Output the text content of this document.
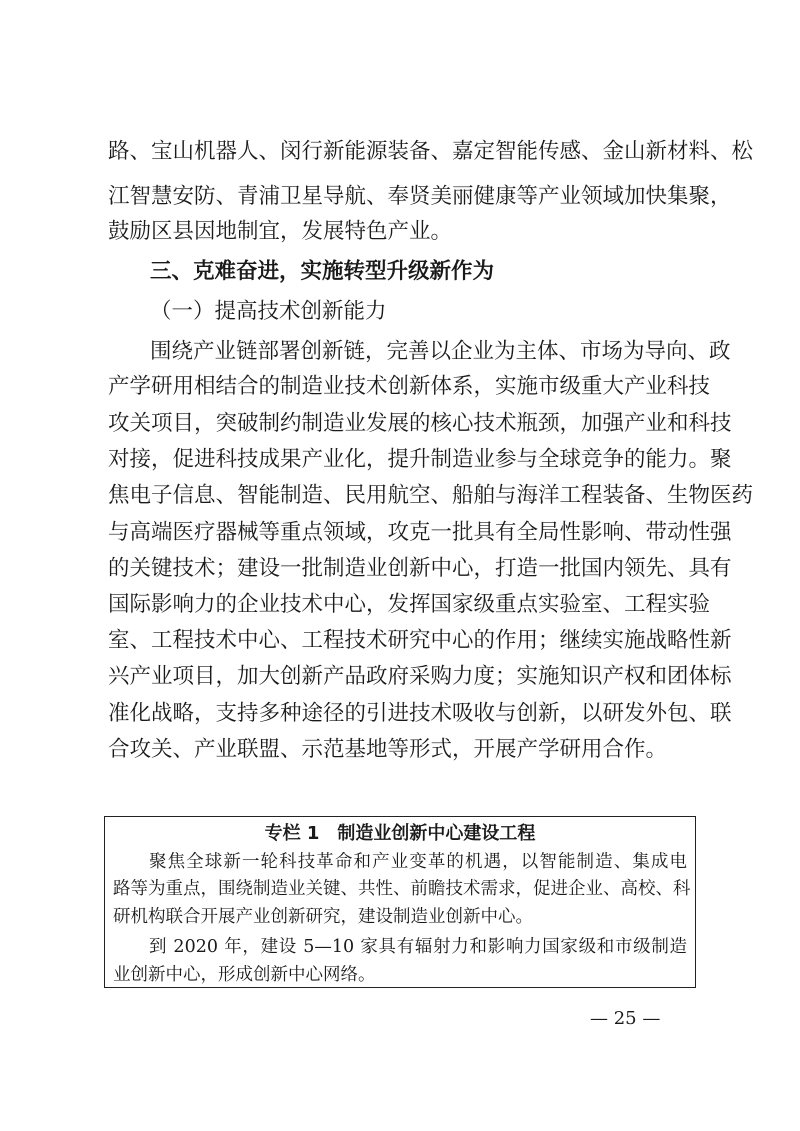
路、宝山机器人、闵行新能源装备、嘉定智能传感、金山新材料、松
江智慧安防、青浦卫星导航、奉贤美丽健康等产业领域加快集聚，
鼓励区县因地制宜，发展特色产业。
三、克难奋进，实施转型升级新作为
（一）提高技术创新能力
围绕产业链部署创新链，完善以企业为主体、市场为导向、政
产学研用相结合的制造业技术创新体系，实施市级重大产业科技
攻关项目，突破制约制造业发展的核心技术瓶颈，加强产业和科技
对接，促进科技成果产业化，提升制造业参与全球竞争的能力。聚
焦电子信息、智能制造、民用航空、船舶与海洋工程装备、生物医药
与高端医疗器械等重点领域，攻克一批具有全局性影响、带动性强
的关键技术；建设一批制造业创新中心，打造一批国内领先、具有
国际影响力的企业技术中心，发挥国家级重点实验室、工程实验
室、工程技术中心、工程技术研究中心的作用；继续实施战略性新
兴产业项目，加大创新产品政府采购力度；实施知识产权和团体标
准化战略，支持多种途径的引进技术吸收与创新，以研发外包、联
合攻关、产业联盟、示范基地等形式，开展产学研用合作。
专栏 1　制造业创新中心建设工程
聚焦全球新一轮科技革命和产业变革的机遇，以智能制造、集成电
路等为重点，围绕制造业关键、共性、前瞻技术需求，促进企业、高校、科
研机构联合开展产业创新研究，建设制造业创新中心。
到 2020 年，建设 5—10 家具有辐射力和影响力国家级和市级制造
业创新中心，形成创新中心网络。
— 25 —
